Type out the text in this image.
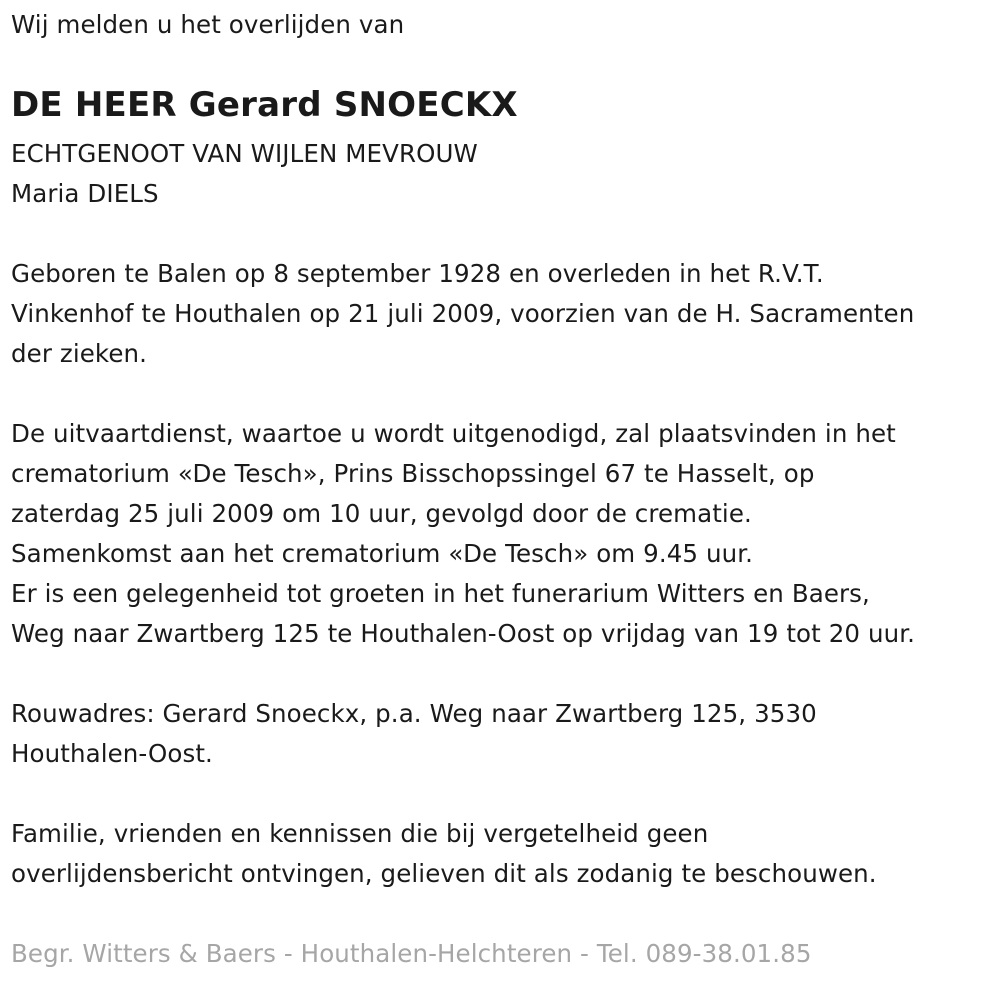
Wij melden u het overlijden van
DE HEER Gerard SNOECKX
ECHTGENOOT VAN WIJLEN MEVROUW
Maria DIELS
Geboren te Balen op 8 september 1928 en overleden in het R.V.T.
Vinkenhof te Houthalen op 21 juli 2009, voorzien van de H. Sacramenten
der zieken.
De uitvaartdienst, waartoe u wordt uitgenodigd, zal plaatsvinden in het
crematorium «De Tesch», Prins Bisschopssingel 67 te Hasselt, op
zaterdag 25 juli 2009 om 10 uur, gevolgd door de crematie.
Samenkomst aan het crematorium «De Tesch» om 9.45 uur.
Er is een gelegenheid tot groeten in het funerarium Witters en Baers,
Weg naar Zwartberg 125 te Houthalen-Oost op vrijdag van 19 tot 20 uur.
Rouwadres: Gerard Snoeckx, p.a. Weg naar Zwartberg 125, 3530
Houthalen-Oost.
Familie, vrienden en kennissen die bij vergetelheid geen
overlijdensbericht ontvingen, gelieven dit als zodanig te beschouwen.
Begr. Witters & Baers - Houthalen-Helchteren - Tel. 089-38.01.85
